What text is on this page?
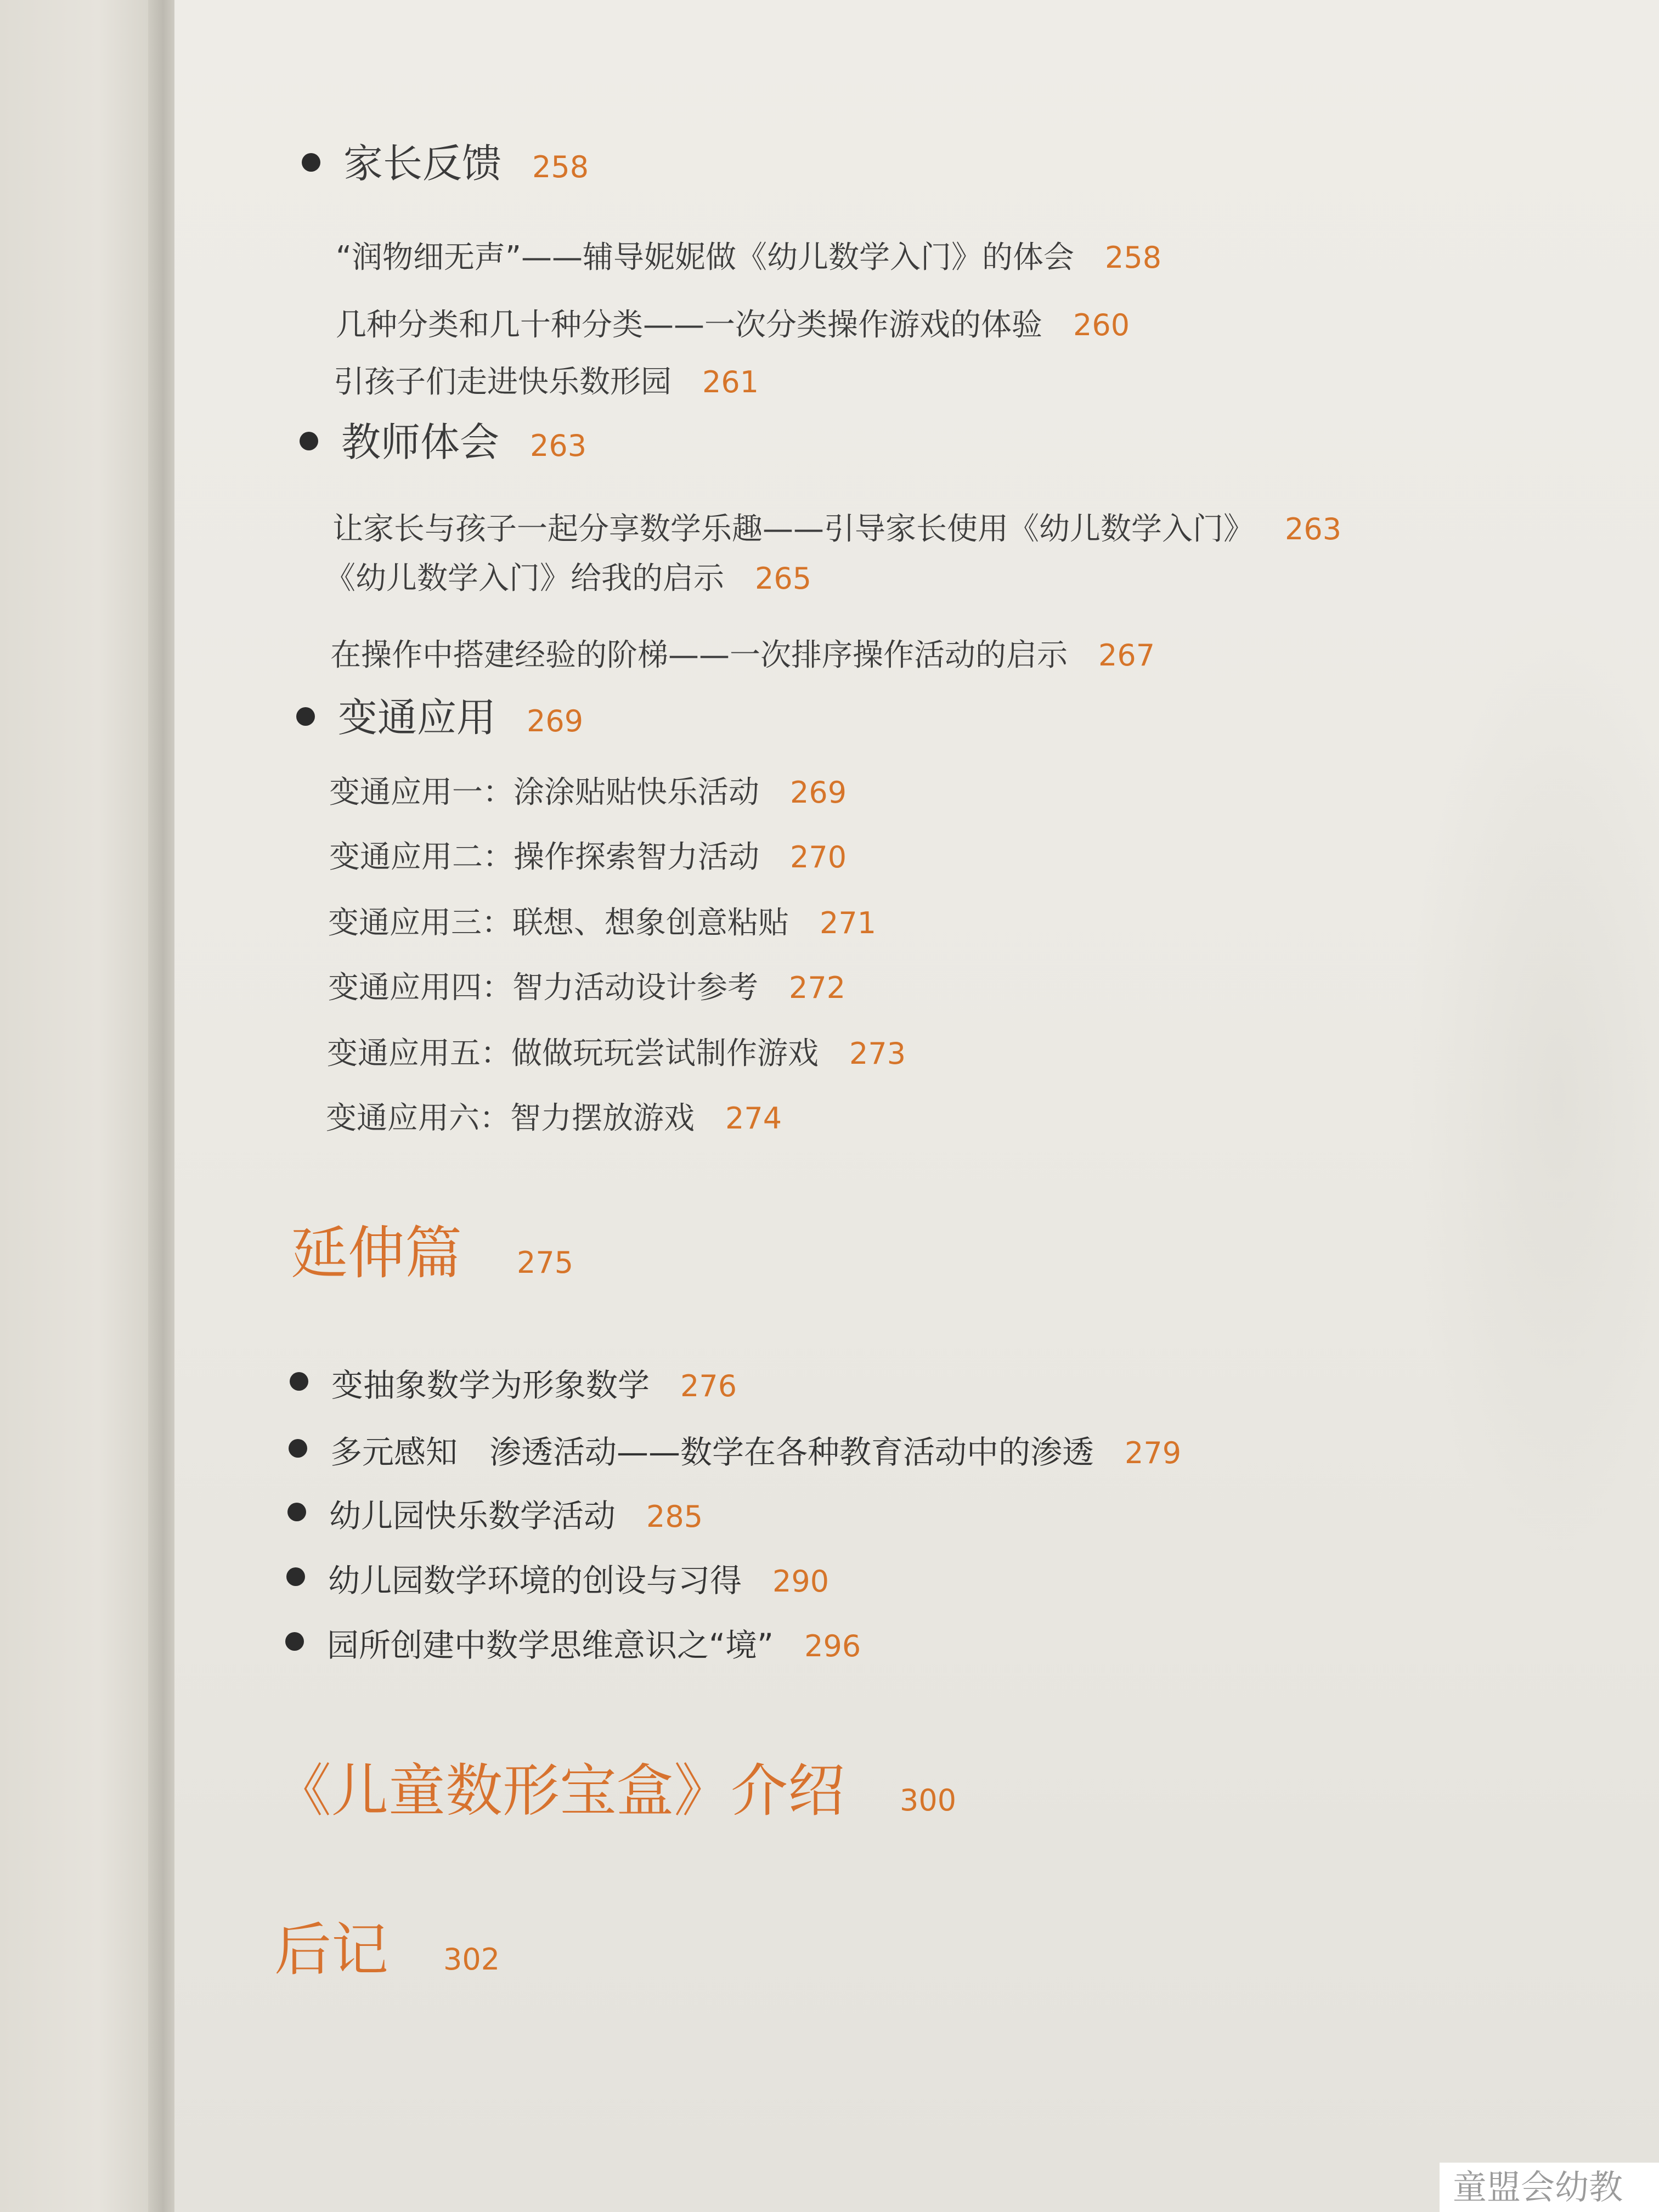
家长反馈 258
“润物细无声”——辅导妮妮做《幼儿数学入门》的体会 258
几种分类和几十种分类——一次分类操作游戏的体验 260
引孩子们走进快乐数形园 261
教师体会 263
让家长与孩子一起分享数学乐趣——引导家长使用《幼儿数学入门》 263
《幼儿数学入门》给我的启示 265
在操作中搭建经验的阶梯——一次排序操作活动的启示 267
变通应用 269
变通应用一：涂涂贴贴快乐活动 269
变通应用二：操作探索智力活动 270
变通应用三：联想、想象创意粘贴 271
变通应用四：智力活动设计参考 272
变通应用五：做做玩玩尝试制作游戏 273
变通应用六：智力摆放游戏 274
延伸篇 275
变抽象数学为形象数学 276
多元感知　渗透活动——数学在各种教育活动中的渗透 279
幼儿园快乐数学活动 285
幼儿园数学环境的创设与习得 290
园所创建中数学思维意识之“境” 296
《儿童数形宝盒》介绍 300
后记 302
童盟会幼教
